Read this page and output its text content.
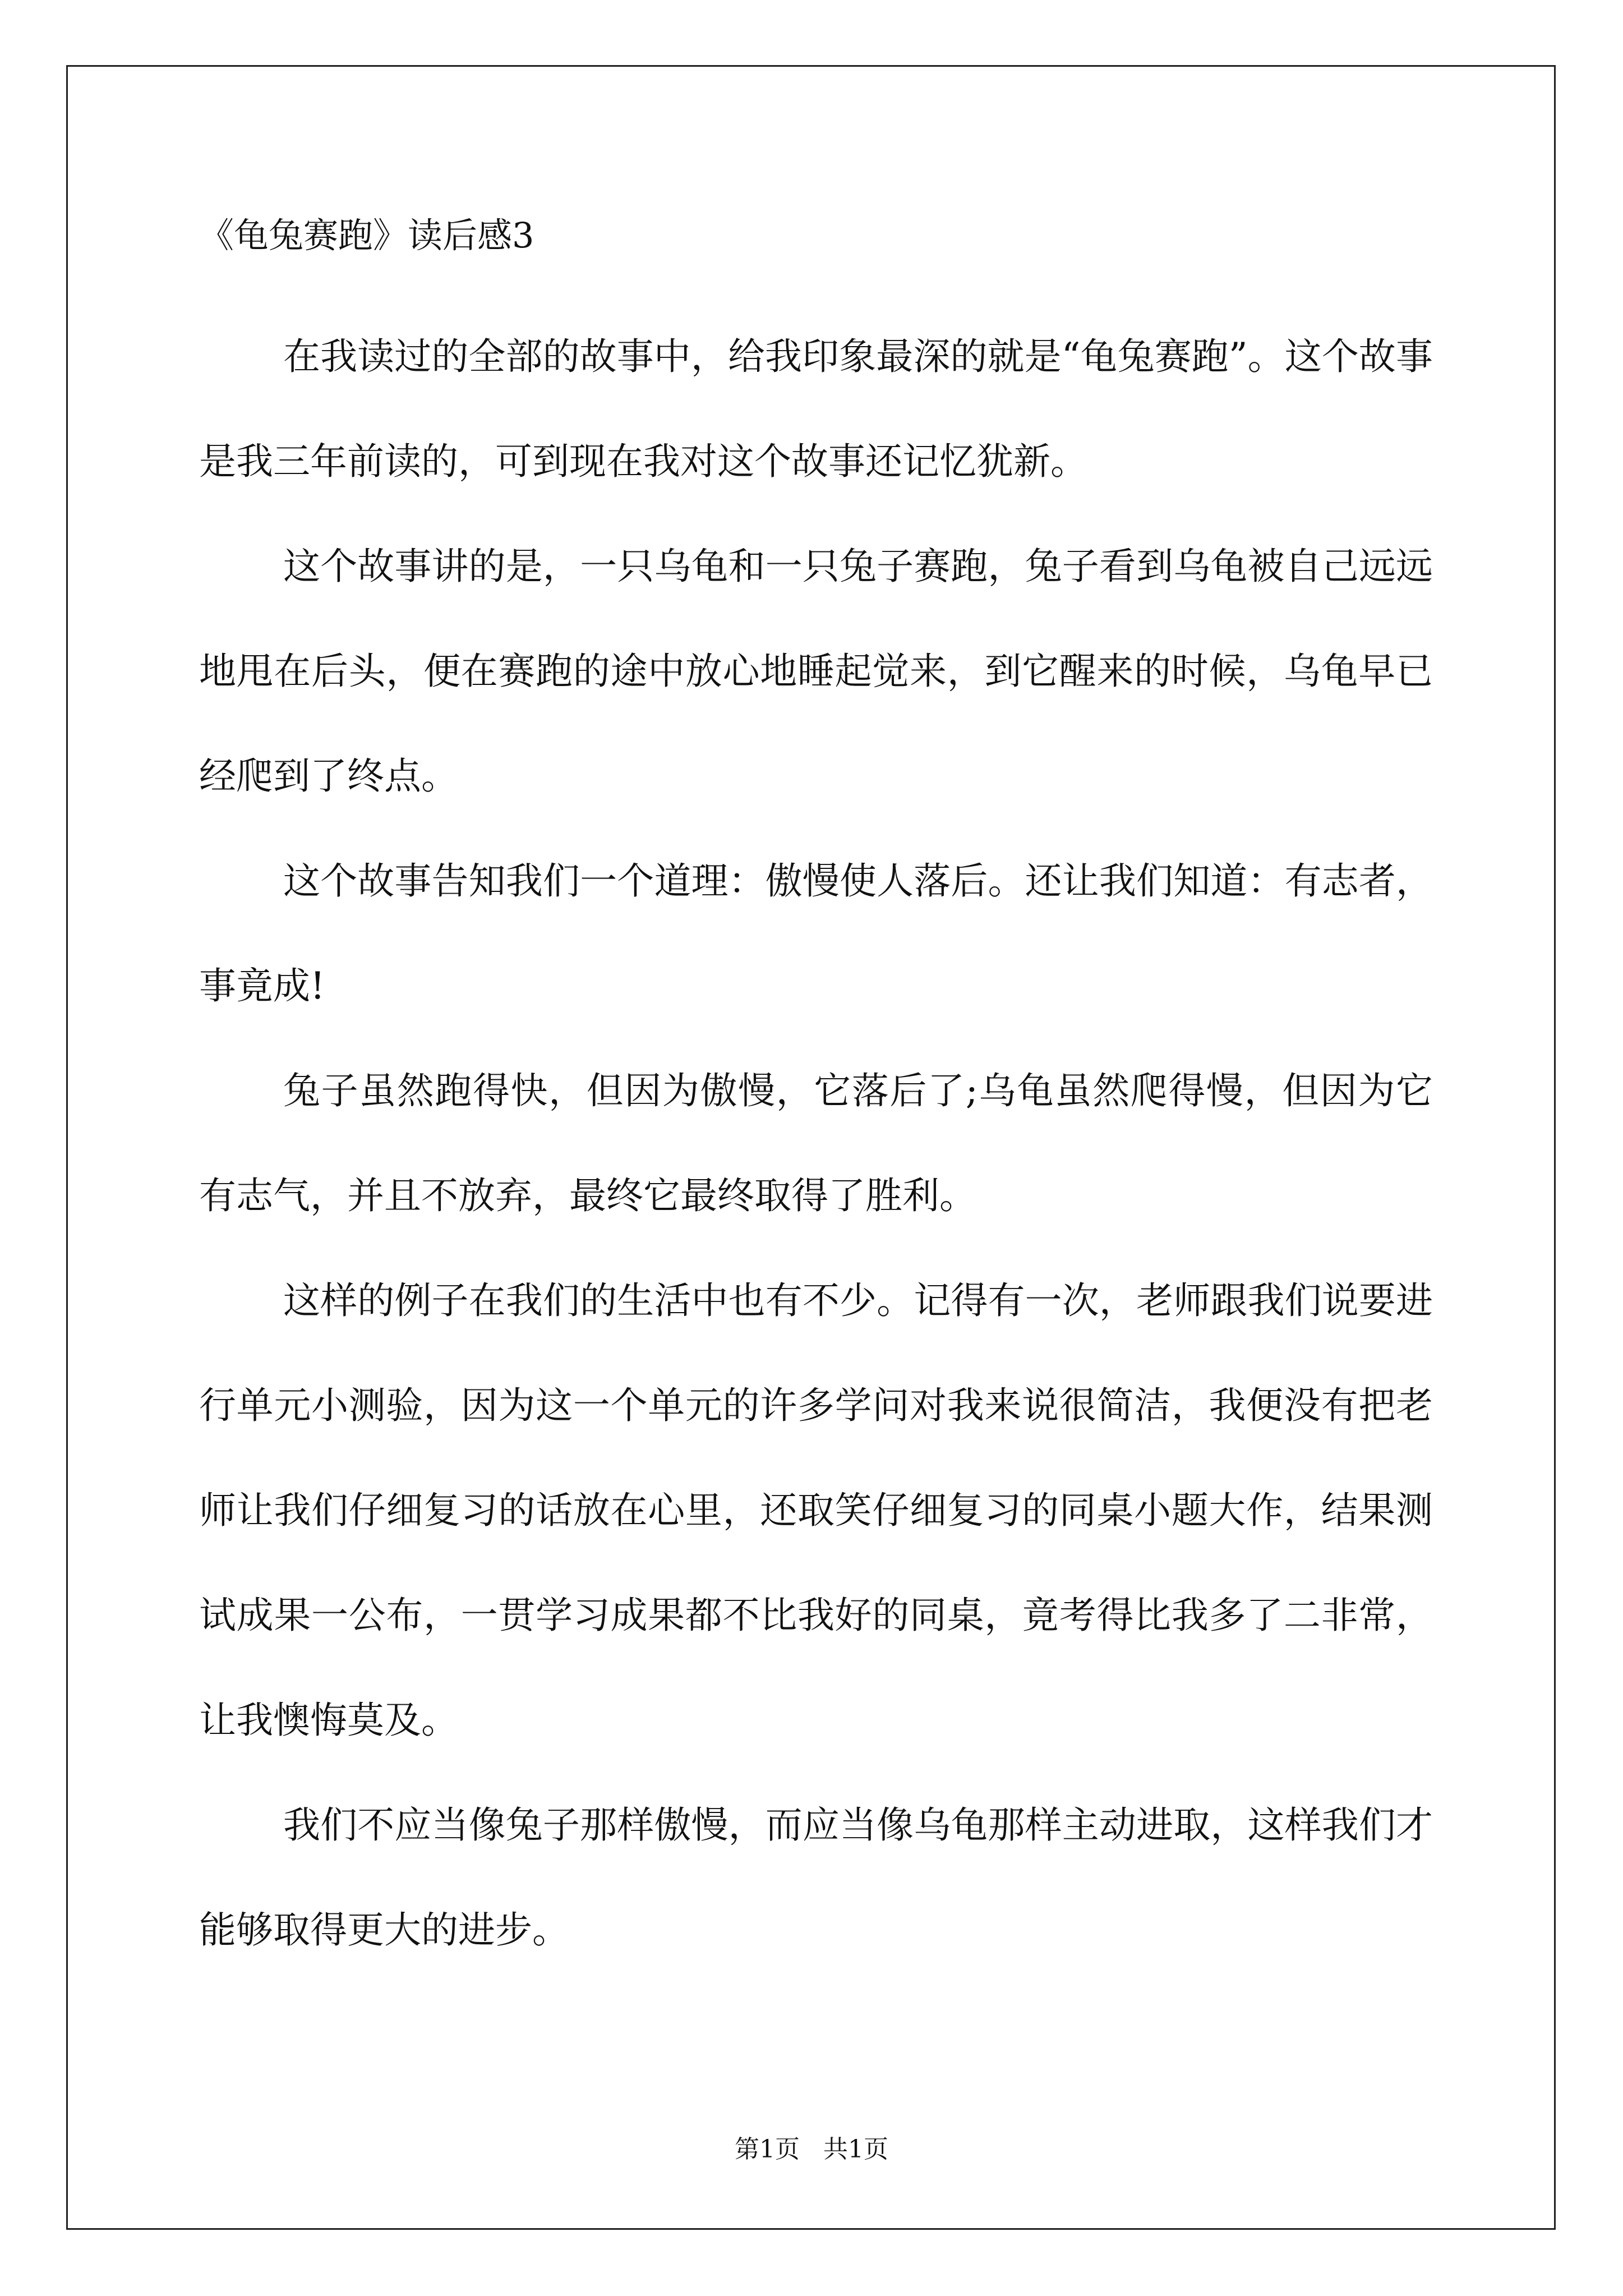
《龟兔赛跑》读后感3

在我读过的全部的故事中，给我印象最深的就是“龟兔赛跑”。这个故事是我三年前读的，可到现在我对这个故事还记忆犹新。

这个故事讲的是，一只乌龟和一只兔子赛跑，兔子看到乌龟被自己远远地甩在后头，便在赛跑的途中放心地睡起觉来，到它醒来的时候，乌龟早已经爬到了终点。

这个故事告知我们一个道理：傲慢使人落后。还让我们知道：有志者，事竟成!

兔子虽然跑得快，但因为傲慢，它落后了;乌龟虽然爬得慢，但因为它有志气，并且不放弃，最终它最终取得了胜利。

这样的例子在我们的生活中也有不少。记得有一次，老师跟我们说要进行单元小测验，因为这一个单元的许多学问对我来说很简洁，我便没有把老师让我们仔细复习的话放在心里，还取笑仔细复习的同桌小题大作，结果测试成果一公布，一贯学习成果都不比我好的同桌，竟考得比我多了二非常，让我懊悔莫及。

我们不应当像兔子那样傲慢，而应当像乌龟那样主动进取，这样我们才能够取得更大的进步。

第1页   共1页
